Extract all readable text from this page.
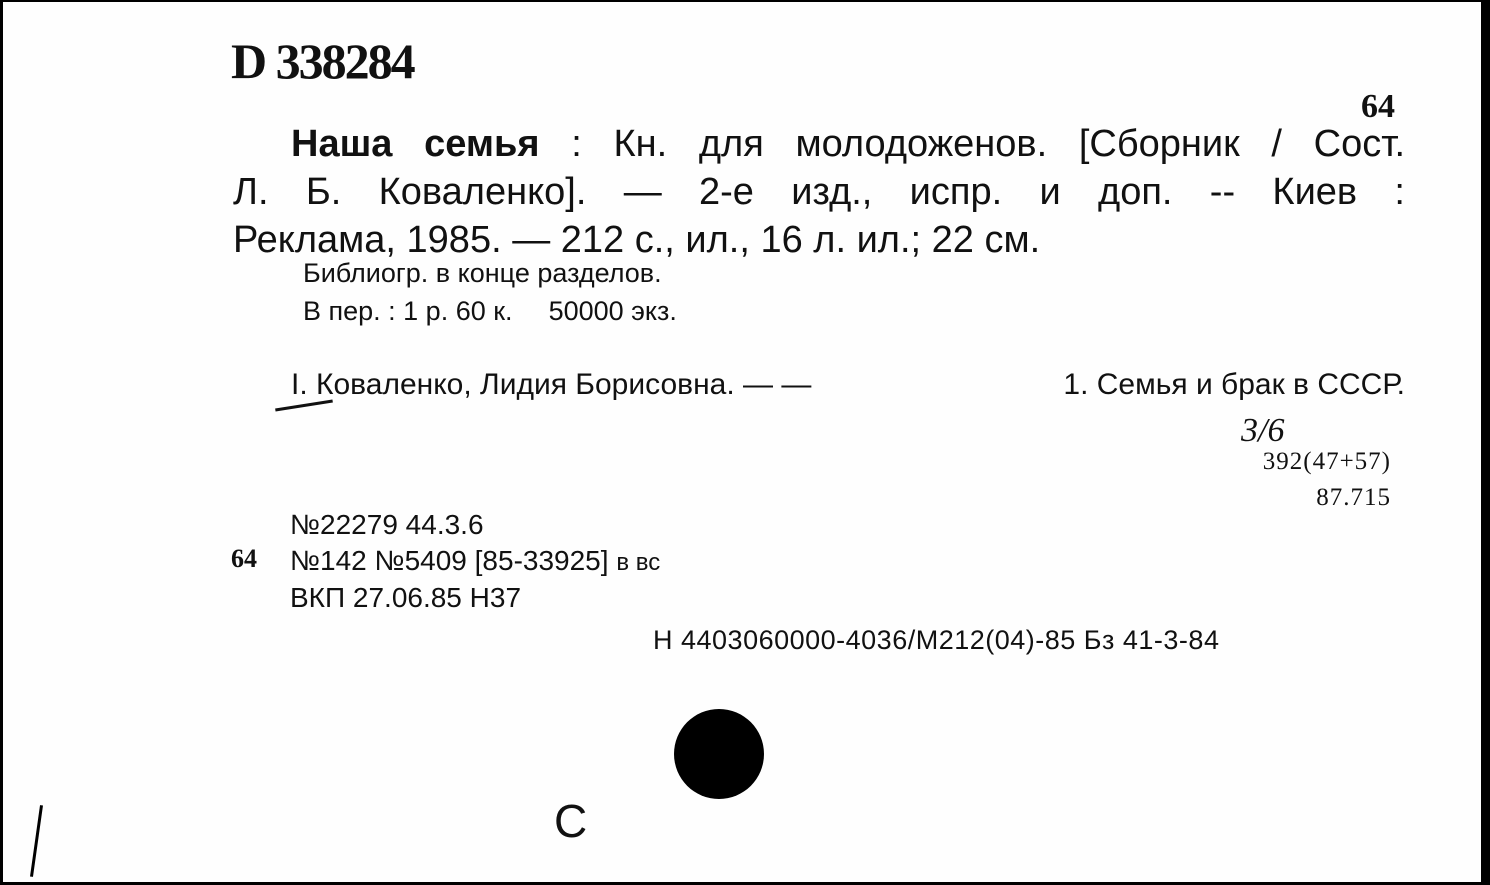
D 338284
64
Наша семья : Кн. для молодоженов. [Сборник / Сост.
Л. Б. Коваленко]. — 2-е изд., испр. и доп. -- Киев :
Реклама, 1985. — 212 с., ил., 16 л. ил.; 22 см.
Библиогр. в конце разделов.
В пер. : 1 р. 60 к. 50000 экз.
I. Коваленко, Лидия Борисовна. — —	1. Семья и брак в СССР.
3/6
392(47+57)
87.715
№22279 44.3.6
64 №142 №5409 [85-33925] в вс
ВКП 27.06.85 Н37
Н 4403060000-4036/М212(04)-85 Бз 41-3-84
С
